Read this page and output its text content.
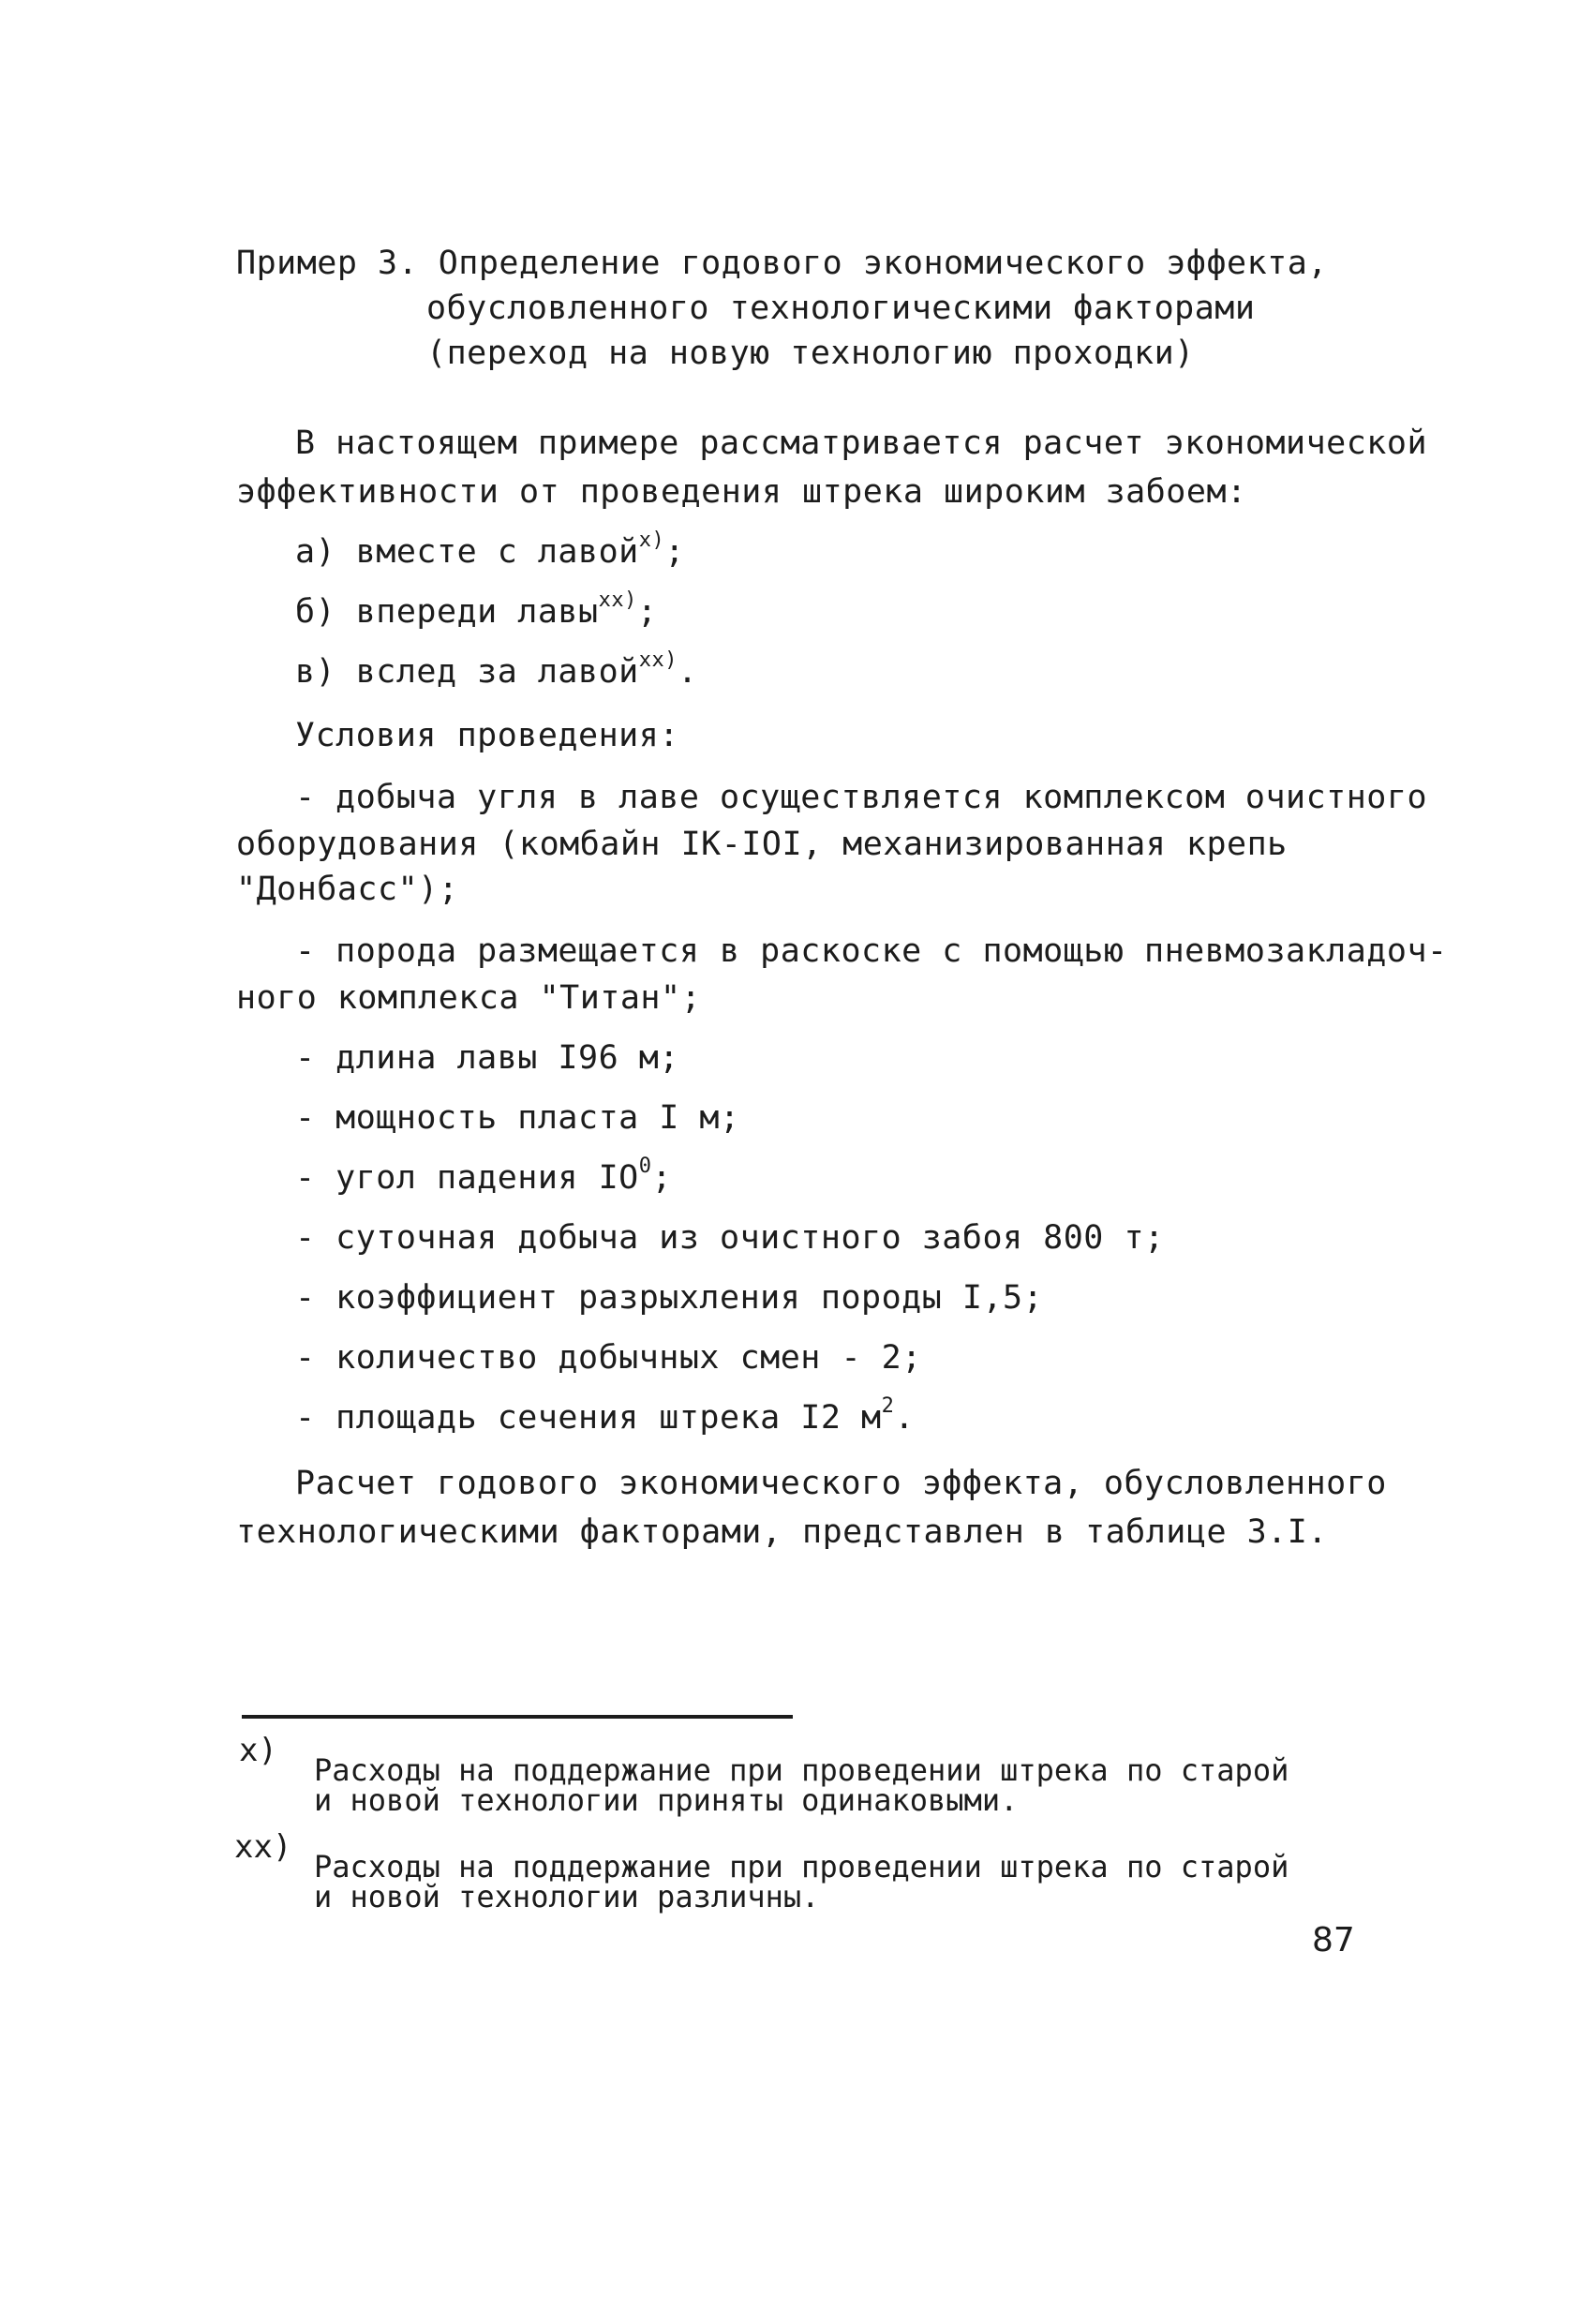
Пример 3. Определение годового экономического эффекта,
обусловленного технологическими факторами
(переход на новую технологию проходки)
В настоящем примере рассматривается расчет экономической
эффективности от проведения штрека широким забоем:
а) вместе с лавой$^{x)}$;
б) впереди лавы$^{xx)}$;
в) вслед за лавой$^{xx)}$.
Условия проведения:
- добыча угля в лаве осуществляется комплексом очистного
оборудования (комбайн IК-IOI, механизированная крепь
"Донбасс");
- порода размещается в раскоске с помощью пневмозакладоч-
ного комплекса "Титан";
- длина лавы I96 м;
- мощность пласта I м;
- угол падения $IO^0$;
- суточная добыча из очистного забоя 800 т;
- коэффициент разрыхления породы I,5;
- количество добычных смен - 2;
- площадь сечения штрека I2 $м^2$.
Расчет годового экономического эффекта, обусловленного
технологическими факторами, представлен в таблице 3.I.
x)
Расходы на поддержание при проведении штрека по старой
и новой технологии приняты одинаковыми.
xx)
Расходы на поддержание при проведении штрека по старой
и новой технологии различны.
87
